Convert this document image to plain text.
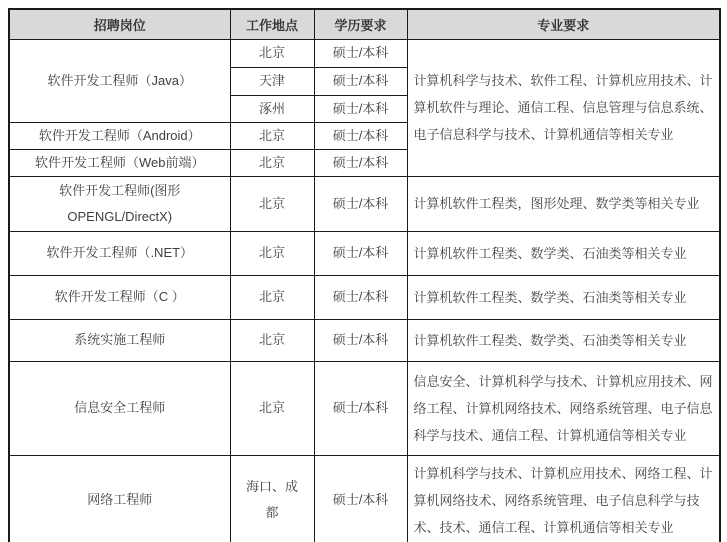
招聘岗位	工作地点	学历要求	专业要求
软件开发工程师（Java）	北京	硕士/本科	计算机科学与技术、软件工程、计算机应用技术、计算机软件与理论、通信工程、信息管理与信息系统、电子信息科学与技术、计算机通信等相关专业
	天津	硕士/本科	
	涿州	硕士/本科	
软件开发工程师（Android）	北京	硕士/本科	
软件开发工程师（Web前端）	北京	硕士/本科	
软件开发工程师(图形OPENGL/DirectX)	北京	硕士/本科	计算机软件工程类，图形处理、数学类等相关专业
软件开发工程师（.NET）	北京	硕士/本科	计算机软件工程类、数学类、石油类等相关专业
软件开发工程师（C ）	北京	硕士/本科	计算机软件工程类、数学类、石油类等相关专业
系统实施工程师	北京	硕士/本科	计算机软件工程类、数学类、石油类等相关专业
信息安全工程师	北京	硕士/本科	信息安全、计算机科学与技术、计算机应用技术、网络工程、计算机网络技术、网络系统管理、电子信息科学与技术、通信工程、计算机通信等相关专业
网络工程师	海口、成都	硕士/本科	计算机科学与技术、计算机应用技术、网络工程、计算机网络技术、网络系统管理、电子信息科学与技术、技术、通信工程、计算机通信等相关专业
